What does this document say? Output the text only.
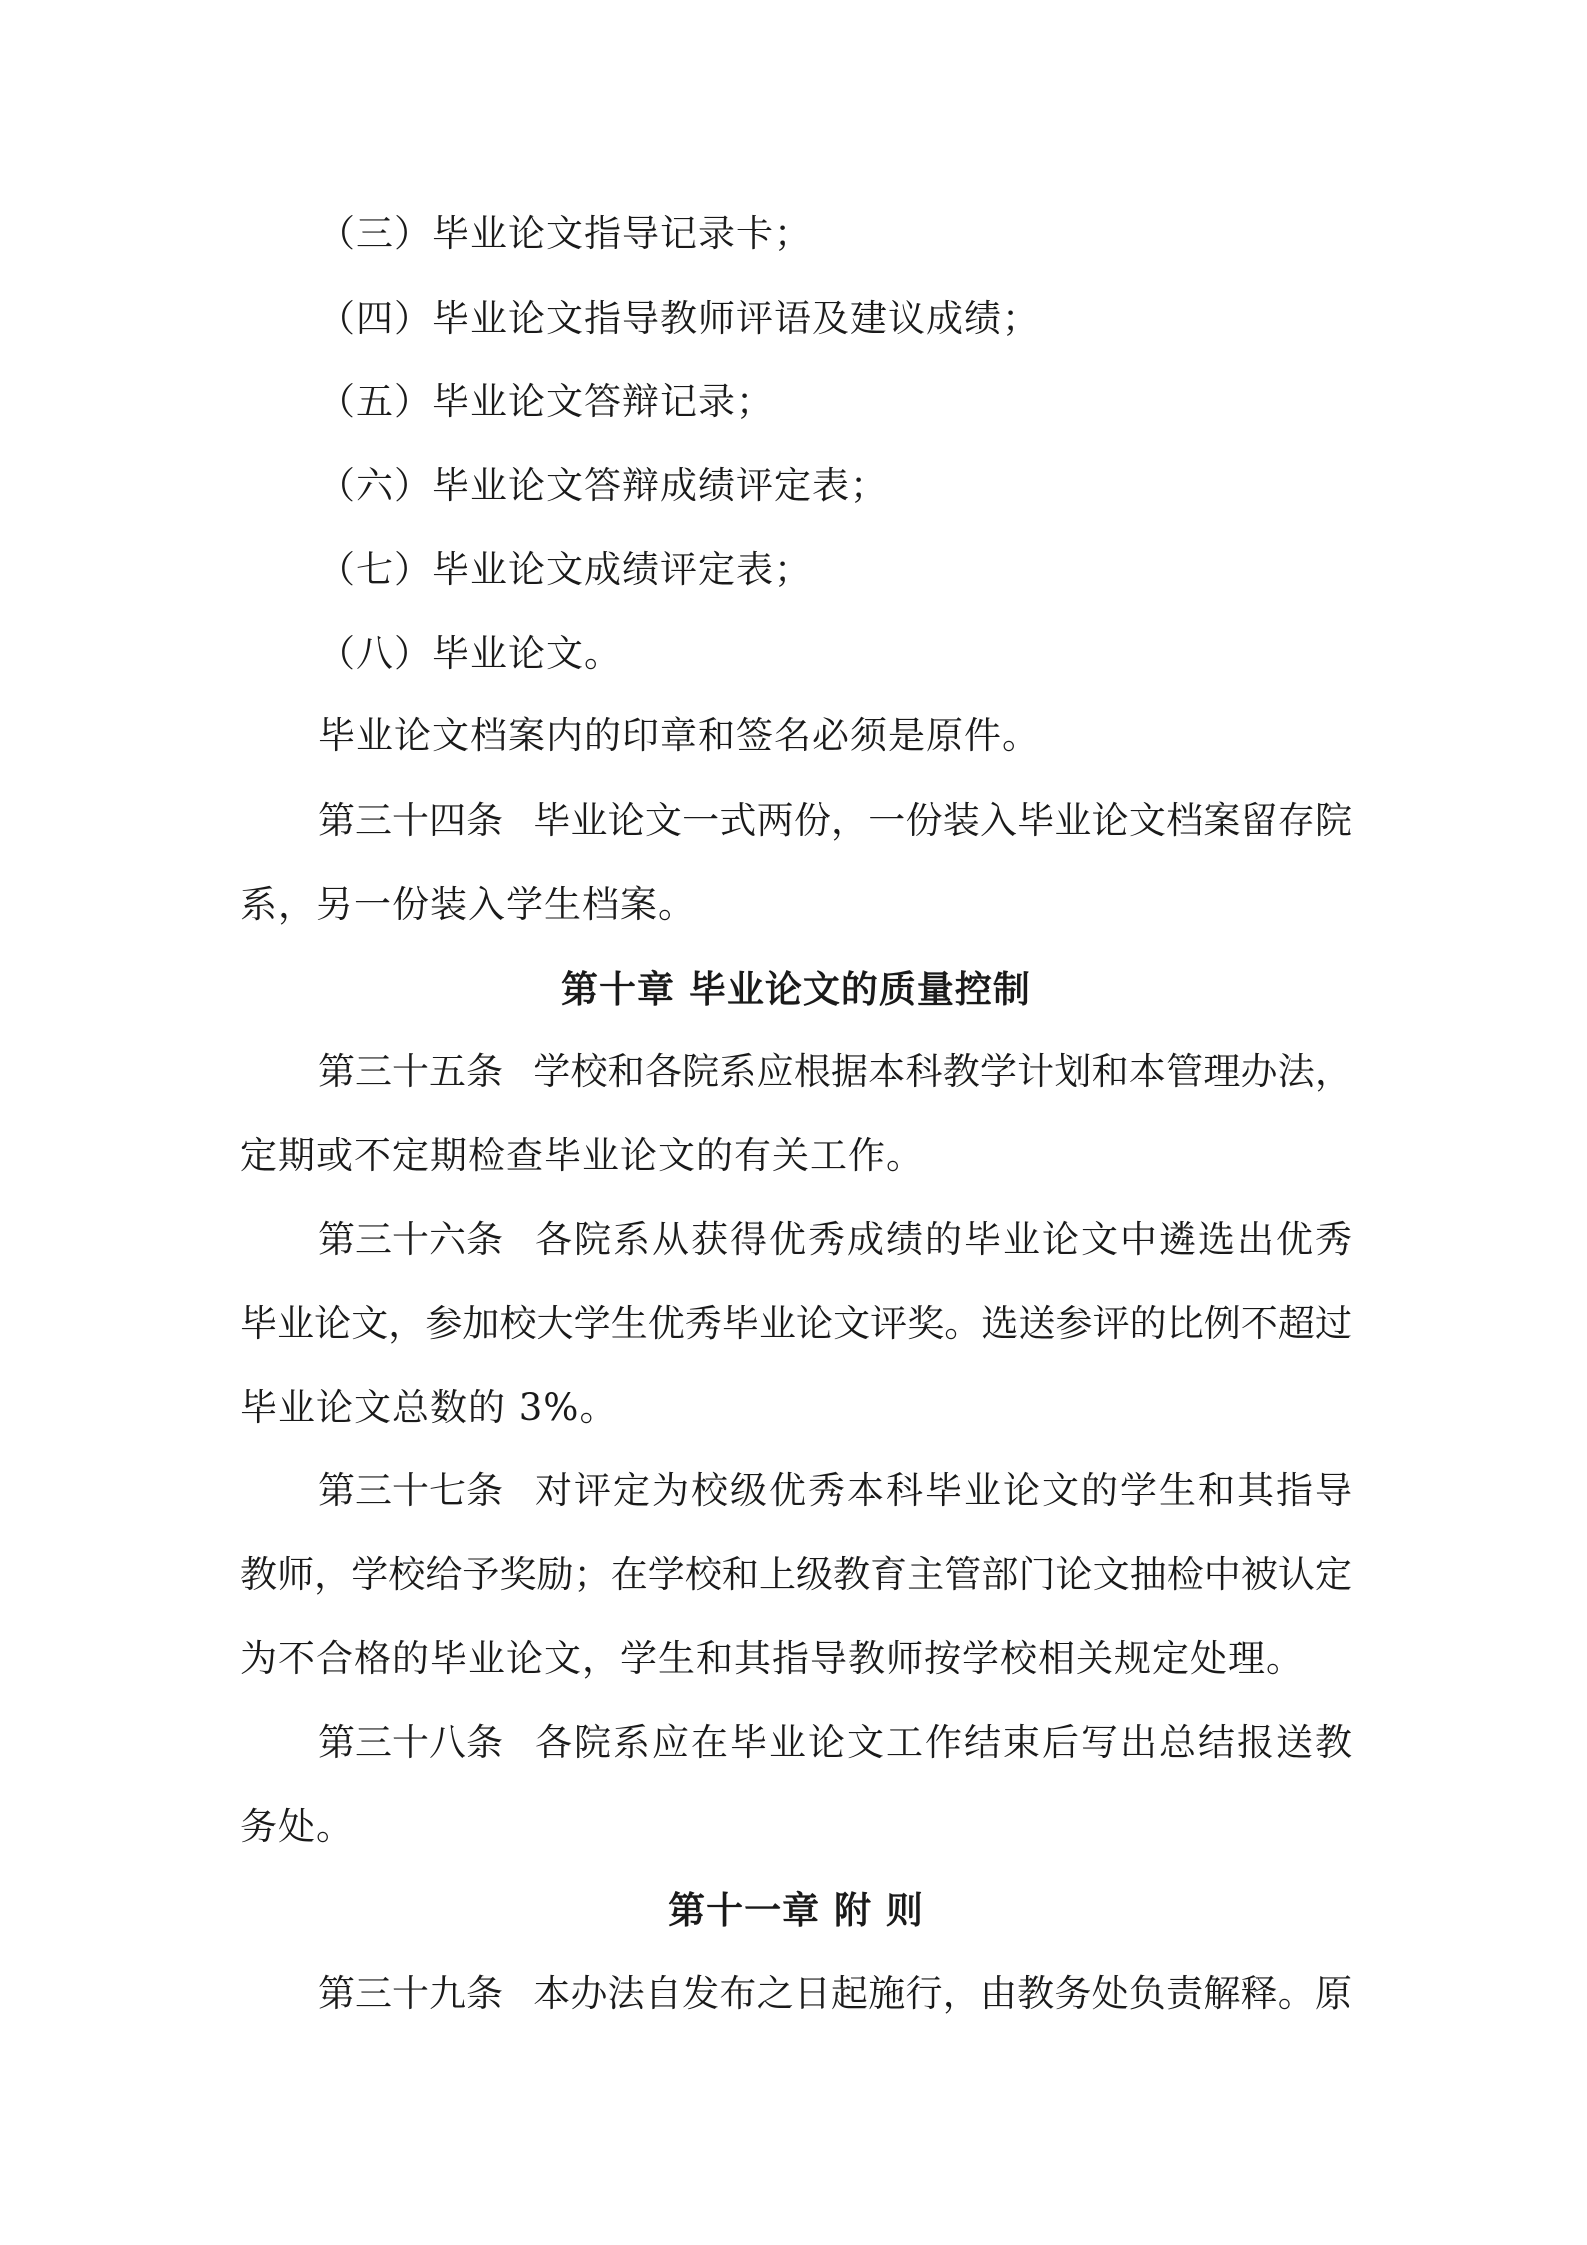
（三）毕业论文指导记录卡；
（四）毕业论文指导教师评语及建议成绩；
（五）毕业论文答辩记录；
（六）毕业论文答辩成绩评定表；
（七）毕业论文成绩评定表；
（八）毕业论文。
毕业论文档案内的印章和签名必须是原件。
第三十四条 毕业论文一式两份，一份装入毕业论文档案留存院
系，另一份装入学生档案。
第十章 毕业论文的质量控制
第三十五条 学校和各院系应根据本科教学计划和本管理办法，
定期或不定期检查毕业论文的有关工作。
第三十六条 各院系从获得优秀成绩的毕业论文中遴选出优秀
毕业论文，参加校大学生优秀毕业论文评奖。选送参评的比例不超过
毕业论文总数的 3%。
第三十七条 对评定为校级优秀本科毕业论文的学生和其指导
教师，学校给予奖励；在学校和上级教育主管部门论文抽检中被认定
为不合格的毕业论文，学生和其指导教师按学校相关规定处理。
第三十八条 各院系应在毕业论文工作结束后写出总结报送教
务处。
第十一章 附 则
第三十九条 本办法自发布之日起施行，由教务处负责解释。原
